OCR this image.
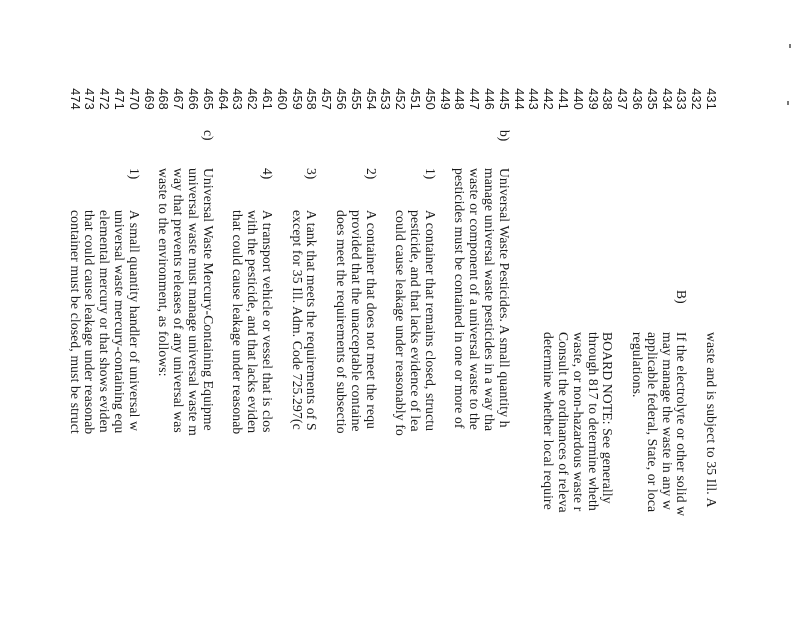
431
waste and is subject to 35 Ill. A
432
433
B)
If the electrolyte or other solid w
434
may manage the waste in any w
435
applicable federal, State, or loca
436
regulations.
437
438
BOARD NOTE: See generally
439
through 817 to determine wheth
440
waste, or non-hazardous waste r
441
Consult the ordinances of releva
442
determine whether local require
443
444
445
b)
Universal Waste Pesticides. A small quantity h
446
manage universal waste pesticides in a way tha
447
waste or component of a universal waste to the
448
pesticides must be contained in one or more of
449
450
1)
A container that remains closed, structu
451
pesticide, and that lacks evidence of lea
452
could cause leakage under reasonably fo
453
454
2)
A container that does not meet the requ
455
provided that the unacceptable containe
456
does meet the requirements of subsectio
457
458
3)
A tank that meets the requirements of S
459
except for 35 Ill. Adm. Code 725.297(c
460
461
4)
A transport vehicle or vessel that is clos
462
with the pesticide, and that lacks eviden
463
that could cause leakage under reasonab
464
465
c)
Universal Waste Mercury-Containing Equipme
466
universal waste must manage universal waste m
467
way that prevents releases of any universal was
468
waste to the environment, as follows:
469
470
1)
A small quantity handler of universal w
471
universal waste mercury-containing equ
472
elemental mercury or that shows eviden
473
that could cause leakage under reasonab
474
container must be closed, must be struct
